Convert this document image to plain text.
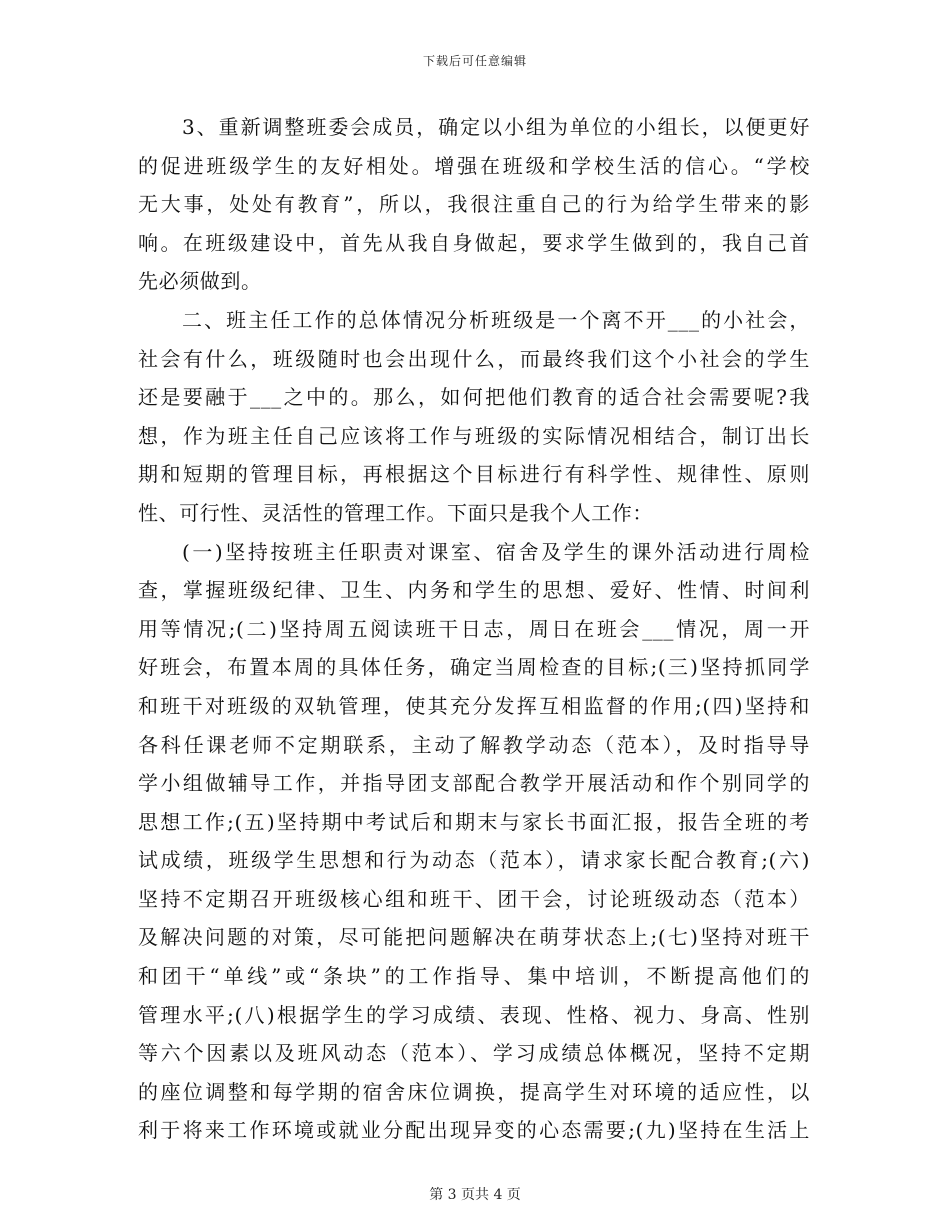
下载后可任意编辑
3、重新调整班委会成员，确定以小组为单位的小组长，以便更好
的促进班级学生的友好相处。增强在班级和学校生活的信心。“学校
无大事，处处有教育”，所以，我很注重自己的行为给学生带来的影
响。在班级建设中，首先从我自身做起，要求学生做到的，我自己首
先必须做到。
二、班主任工作的总体情况分析班级是一个离不开___的小社会，
社会有什么，班级随时也会出现什么，而最终我们这个小社会的学生
还是要融于___之中的。那么，如何把他们教育的适合社会需要呢?我
想，作为班主任自己应该将工作与班级的实际情况相结合，制订出长
期和短期的管理目标，再根据这个目标进行有科学性、规律性、原则
性、可行性、灵活性的管理工作。下面只是我个人工作：
(一)坚持按班主任职责对课室、宿舍及学生的课外活动进行周检
查，掌握班级纪律、卫生、内务和学生的思想、爱好、性情、时间利
用等情况;(二)坚持周五阅读班干日志，周日在班会___情况，周一开
好班会，布置本周的具体任务，确定当周检查的目标;(三)坚持抓同学
和班干对班级的双轨管理，使其充分发挥互相监督的作用;(四)坚持和
各科任课老师不定期联系，主动了解教学动态（范本），及时指导导
学小组做辅导工作，并指导团支部配合教学开展活动和作个别同学的
思想工作;(五)坚持期中考试后和期末与家长书面汇报，报告全班的考
试成绩，班级学生思想和行为动态（范本），请求家长配合教育;(六)
坚持不定期召开班级核心组和班干、团干会，讨论班级动态（范本）
及解决问题的对策，尽可能把问题解决在萌芽状态上;(七)坚持对班干
和团干“单线”或“条块”的工作指导、集中培训，不断提高他们的
管理水平;(八)根据学生的学习成绩、表现、性格、视力、身高、性别
等六个因素以及班风动态（范本）、学习成绩总体概况，坚持不定期
的座位调整和每学期的宿舍床位调换，提高学生对环境的适应性，以
利于将来工作环境或就业分配出现异变的心态需要;(九)坚持在生活上
第 3 页共 4 页
